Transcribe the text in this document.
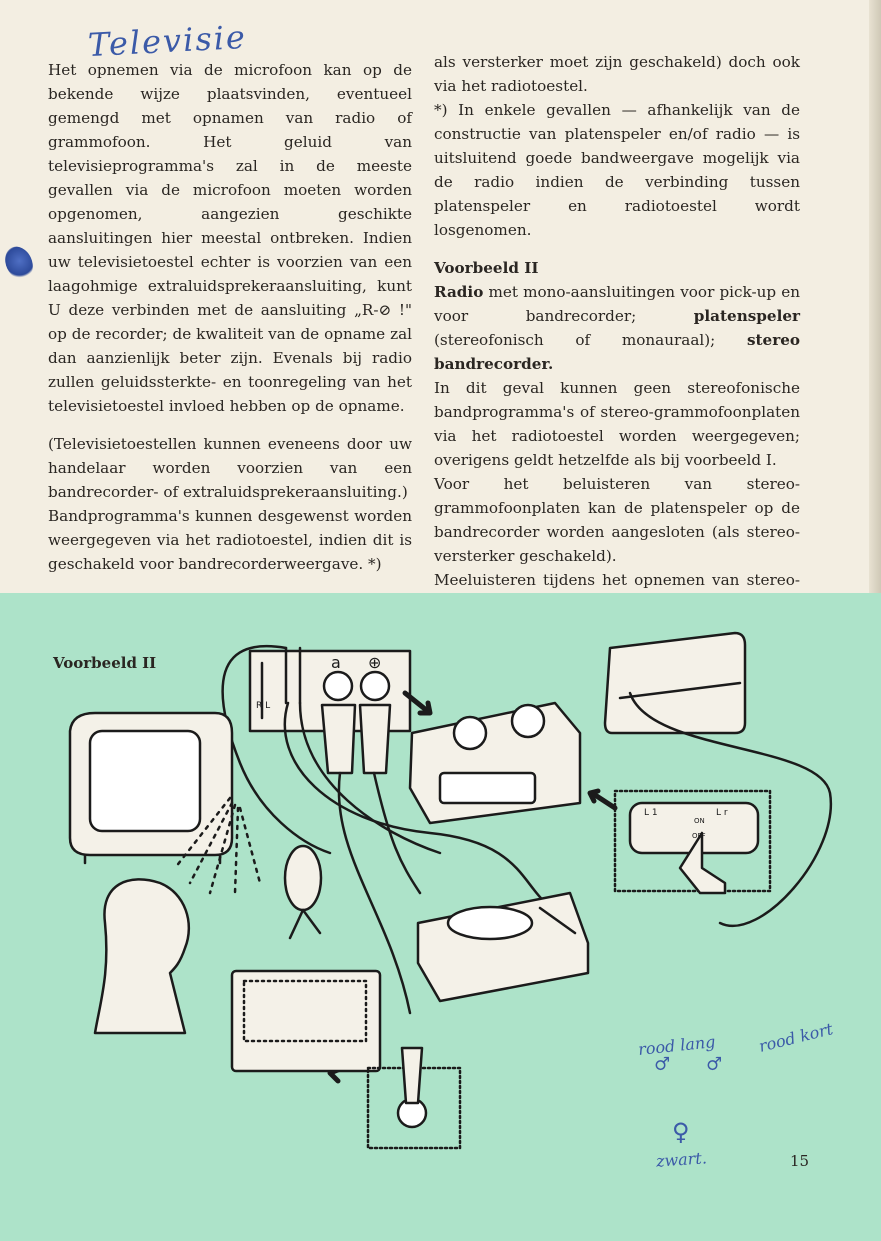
Televisie

Het opnemen via de microfoon kan op de bekende wijze plaatsvinden, eventueel gemengd met opnamen van radio of grammofoon. Het geluid van televisieprogramma's zal in de meeste gevallen via de microfoon moeten worden opgenomen, aangezien geschikte aansluitingen hier meestal ontbreken. Indien uw televisietoestel echter is voorzien van een laagohmige extraluidsprekeraansluiting, kunt U deze verbinden met de aansluiting „R-⊘ !" op de recorder; de kwaliteit van de opname zal dan aanzienlijk beter zijn. Evenals bij radio zullen geluidssterkte- en toonregeling van het televisietoestel invloed hebben op de opname.

(Televisietoestellen kunnen eveneens door uw handelaar worden voorzien van een bandrecorder- of extraluidsprekeraansluiting.)

Bandprogramma's kunnen desgewenst worden weergegeven via het radiotoestel, indien dit is geschakeld voor bandrecorderweergave. *)

als versterker moet zijn geschakeld) doch ook via het radiotoestel.

*) In enkele gevallen — afhankelijk van de constructie van platenspeler en/of radio — is uitsluitend goede bandweergave mogelijk via de radio indien de verbinding tussen platenspeler en radiotoestel wordt losgenomen.

Voorbeeld II

Radio met mono-aansluitingen voor pick-up en voor bandrecorder; platenspeler (stereofonisch of monauraal); stereo bandrecorder.

In dit geval kunnen geen stereofonische bandprogramma's of stereo-grammofoonplaten via het radiotoestel worden weergegeven; overigens geldt hetzelfde als bij voorbeeld I.

Voor het beluisteren van stereo-grammofoonplaten kan de platenspeler op de bandrecorder worden aangesloten (als stereo-versterker geschakeld).

Meeluisteren tijdens het opnemen van stereo-

a ⊕
R L
L 1	L r
ON
OFF
Voorbeeld II
rood lang	rood kort
♂ ♂
♀
zwart.	15
